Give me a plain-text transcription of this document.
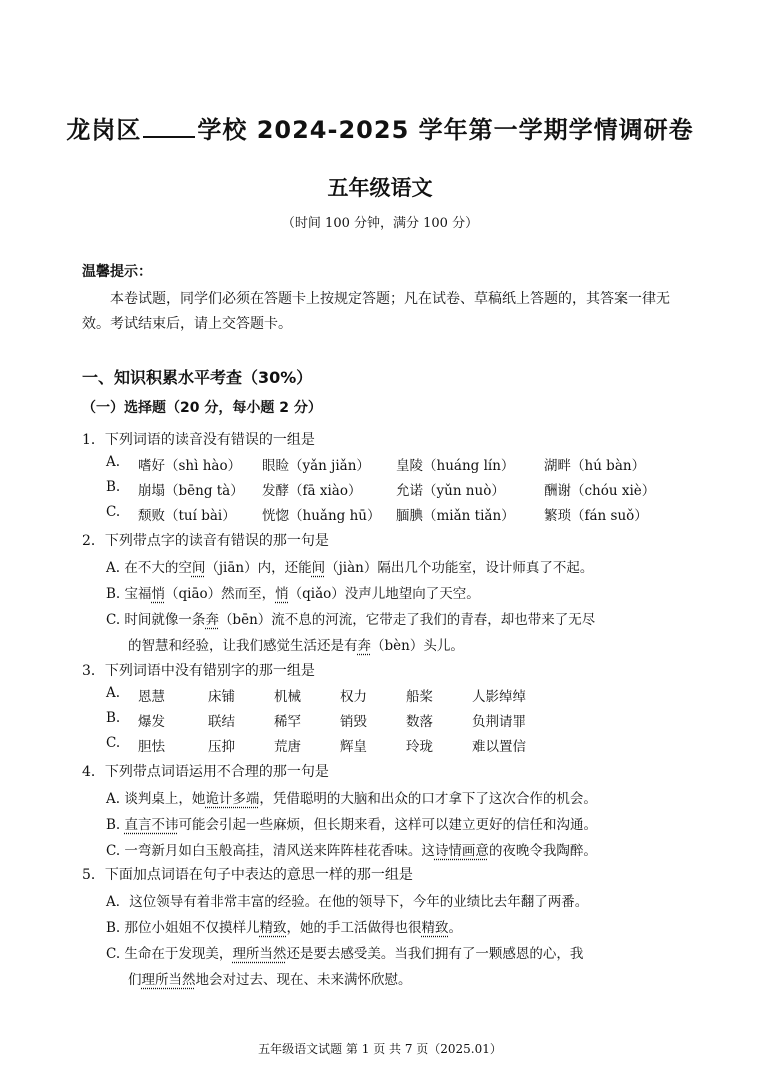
龙岗区 学校 2024-2025 学年第一学期学情调研卷
五年级语文
（时间 100 分钟，满分 100 分）
温馨提示：
本卷试题，同学们必须在答题卡上按规定答题；凡在试卷、草稿纸上答题的，其答案一律无效。考试结束后，请上交答题卡。
一、知识积累水平考查（30%）
（一）选择题（20 分，每小题 2 分）
1．下列词语的读音没有错误的一组是
A. 嗜好（shì hào） 眼睑（yǎn jiǎn） 皇陵（huáng lín） 湖畔（hú bàn）
B. 崩塌（bēng tà） 发酵（fā xiào）	允诺（yǔn nuò）	酬谢（chóu xiè）
C. 颓败（tuí bài） 恍惚（huǎng hū） 腼腆（miǎn tiǎn） 繁琐（fán suǒ）
2．下列带点字的读音有错误的那一句是
A. 在不大的空间（jiān）内，还能间（jiàn）隔出几个功能室，设计师真了不起。
B. 宝福悄（qiāo）然而至，悄（qiǎo）没声儿地望向了天空。
C. 时间就像一条奔（bēn）流不息的河流，它带走了我们的青春，却也带来了无尽
的智慧和经验，让我们感觉生活还是有奔（bèn）头儿。
3．下列词语中没有错别字的那一组是
A. 恩慧	床铺	机械	权力	船桨	人影绰绰
B. 爆发	联结	稀罕	销毁	数落	负荆请罪
C. 胆怯	压抑	荒唐	辉皇	玲珑	难以置信
4．下列带点词语运用不合理的那一句是
A. 谈判桌上，她诡计多端，凭借聪明的大脑和出众的口才拿下了这次合作的机会。
B. 直言不讳可能会引起一些麻烦，但长期来看，这样可以建立更好的信任和沟通。
C. 一弯新月如白玉般高挂，清风送来阵阵桂花香味。这诗情画意的夜晚令我陶醉。
5．下面加点词语在句子中表达的意思一样的那一组是
A．这位领导有着非常丰富的经验。在他的领导下，今年的业绩比去年翻了两番。
B. 那位小姐姐不仅摸样儿精致，她的手工活做得也很精致。
C. 生命在于发现美，理所当然还是要去感受美。当我们拥有了一颗感恩的心，我
们理所当然地会对过去、现在、未来满怀欣慰。
五年级语文试题 第 1 页 共 7 页（2025.01）
